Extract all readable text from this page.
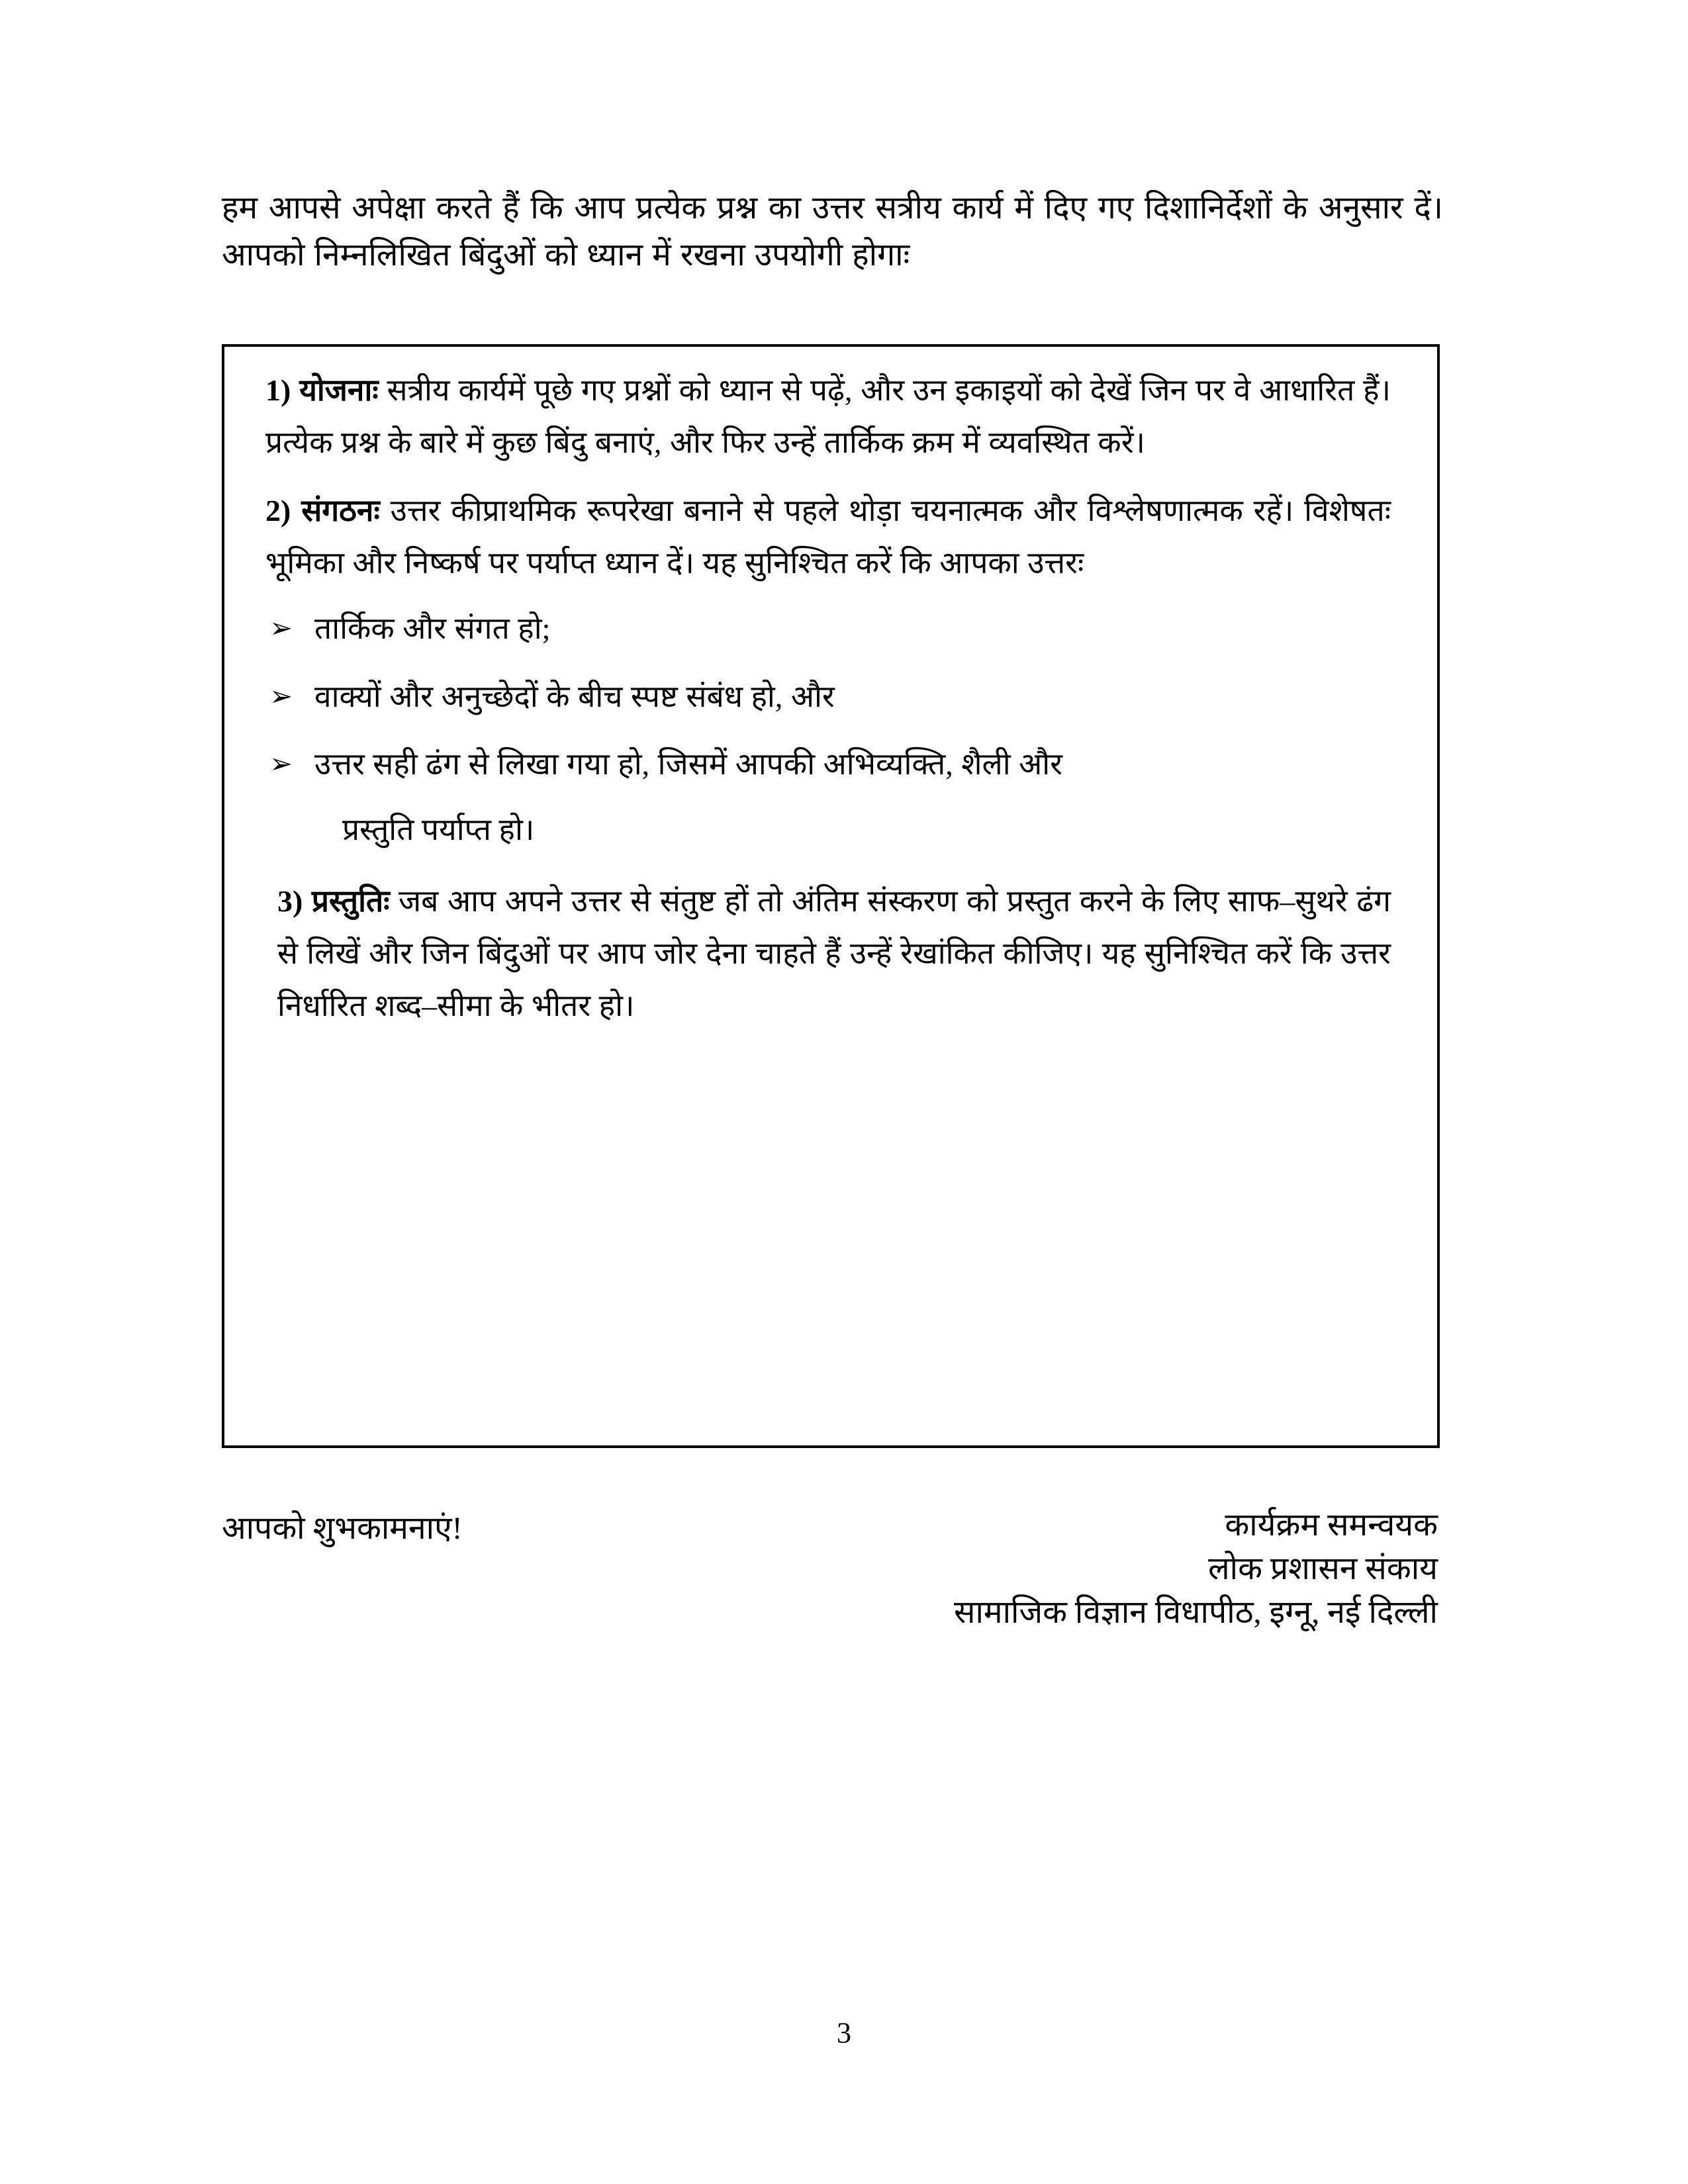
हम आपसे अपेक्षा करते हैं कि आप प्रत्येक प्रश्न का उत्तर सत्रीय कार्य में दिए गए दिशानिर्देशों के अनुसार दें। आपको निम्नलिखित बिंदुओं को ध्यान में रखना उपयोगी होगाः

1) योजनाः सत्रीय कार्यमें पूछे गए प्रश्नों को ध्यान से पढ़ें, और उन इकाइयों को देखें जिन पर वे आधारित हैं। प्रत्येक प्रश्न के बारे में कुछ बिंदु बनाएं, और फिर उन्हें तार्किक क्रम में व्यवस्थित करें।

2) संगठनः उत्तर कीप्राथमिक रूपरेखा बनाने से पहले थोड़ा चयनात्मक और विश्लेषणात्मक रहें। विशेषतः भूमिका और निष्कर्ष पर पर्याप्त ध्यान दें। यह सुनिश्चित करें कि आपका उत्तरः

➢ तार्किक और संगत हो;

➢ वाक्यों और अनुच्छेदों के बीच स्पष्ट संबंध हो, और

➢ उत्तर सही ढंग से लिखा गया हो, जिसमें आपकी अभिव्यक्ति, शैली और

प्रस्तुति पर्याप्त हो।

3) प्रस्तुतिः जब आप अपने उत्तर से संतुष्ट हों तो अंतिम संस्करण को प्रस्तुत करने के लिए साफ–सुथरे ढंग से लिखें और जिन बिंदुओं पर आप जोर देना चाहते हैं उन्हें रेखांकित कीजिए। यह सुनिश्चित करें कि उत्तर निर्धारित शब्द–सीमा के भीतर हो।

आपको शुभकामनाएं!	कार्यक्रम समन्वयक
लोक प्रशासन संकाय
सामाजिक विज्ञान विधापीठ, इग्नू, नई दिल्ली
3
